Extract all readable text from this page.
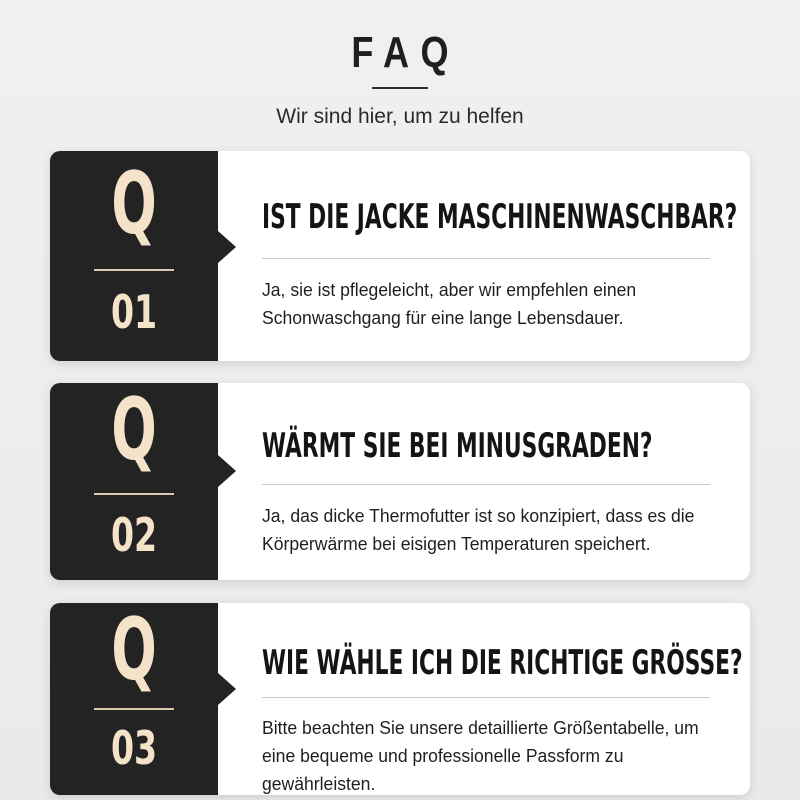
FAQ
Wir sind hier, um zu helfen
Q
01
IST DIE JACKE MASCHINENWASCHBAR?
Ja, sie ist pflegeleicht, aber wir empfehlen einen Schonwaschgang für eine lange Lebensdauer.
Q
02
WÄRMT SIE BEI MINUSGRADEN?
Ja, das dicke Thermofutter ist so konzipiert, dass es die Körperwärme bei eisigen Temperaturen speichert.
Q
03
WIE WÄHLE ICH DIE RICHTIGE GRÖSSE?
Bitte beachten Sie unsere detaillierte Größentabelle, um eine bequeme und professionelle Passform zu gewährleisten.
